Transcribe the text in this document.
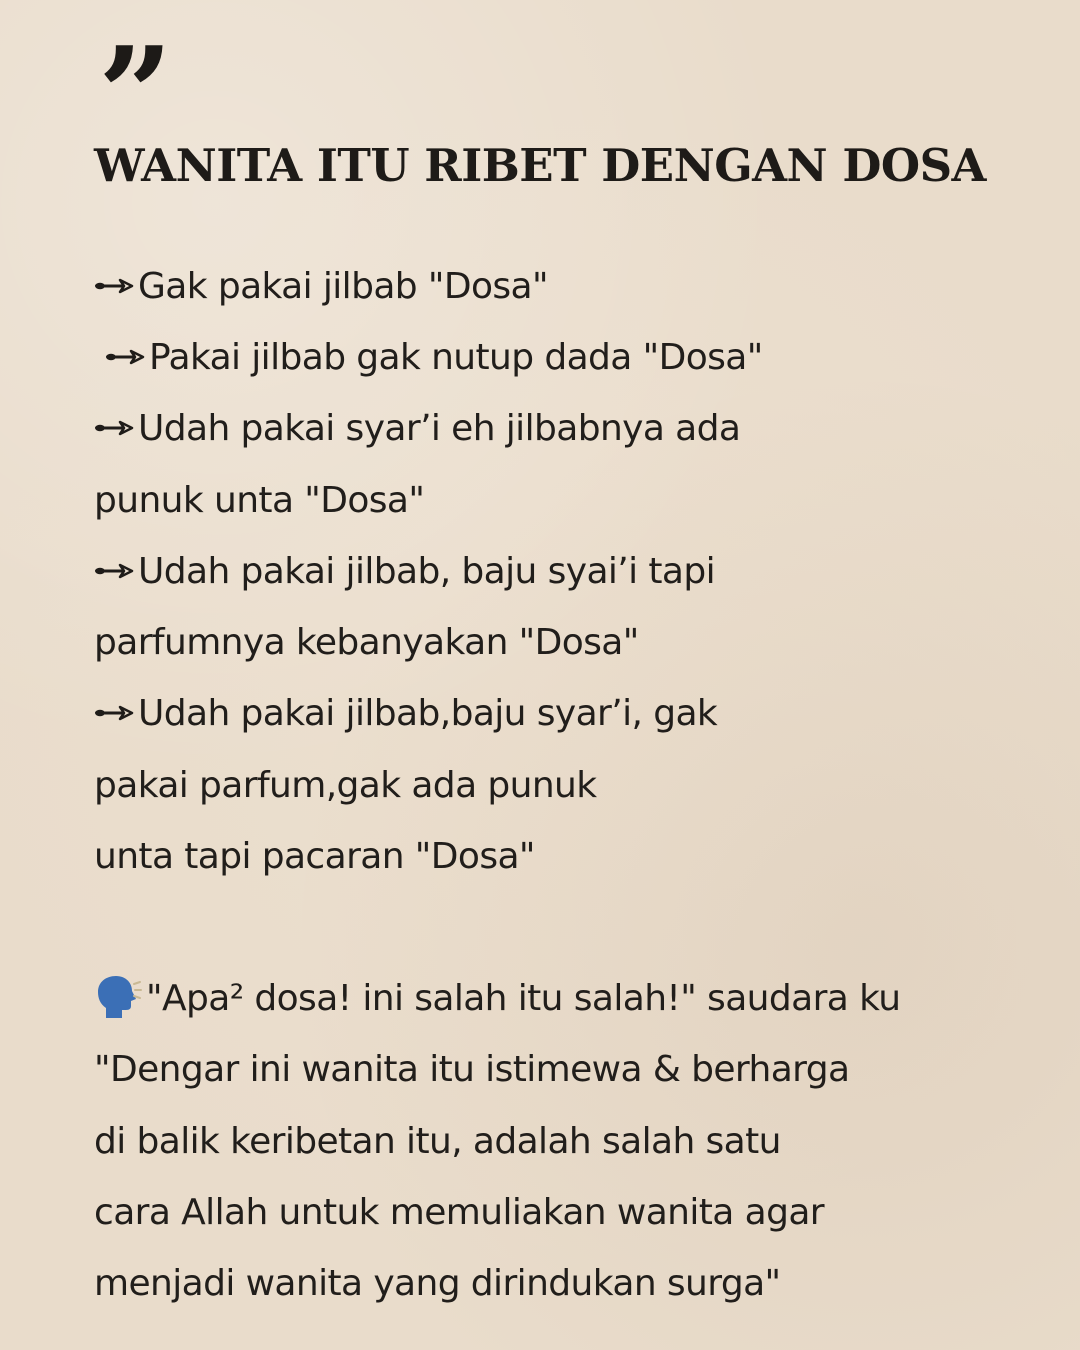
”
WANITA ITU RIBET DENGAN DOSA
Gak pakai jilbab "Dosa"
Pakai jilbab gak nutup dada "Dosa"
Udah pakai syar’i eh jilbabnya ada
punuk unta "Dosa"
Udah pakai jilbab, baju syai’i tapi
parfumnya kebanyakan "Dosa"
Udah pakai jilbab,baju syar’i, gak
pakai parfum,gak ada punuk
unta tapi pacaran "Dosa"
"Apa² dosa! ini salah itu salah!" saudara ku
"Dengar ini wanita itu istimewa & berharga
di balik keribetan itu, adalah salah satu
cara Allah untuk memuliakan wanita agar
menjadi wanita yang dirindukan surga"
